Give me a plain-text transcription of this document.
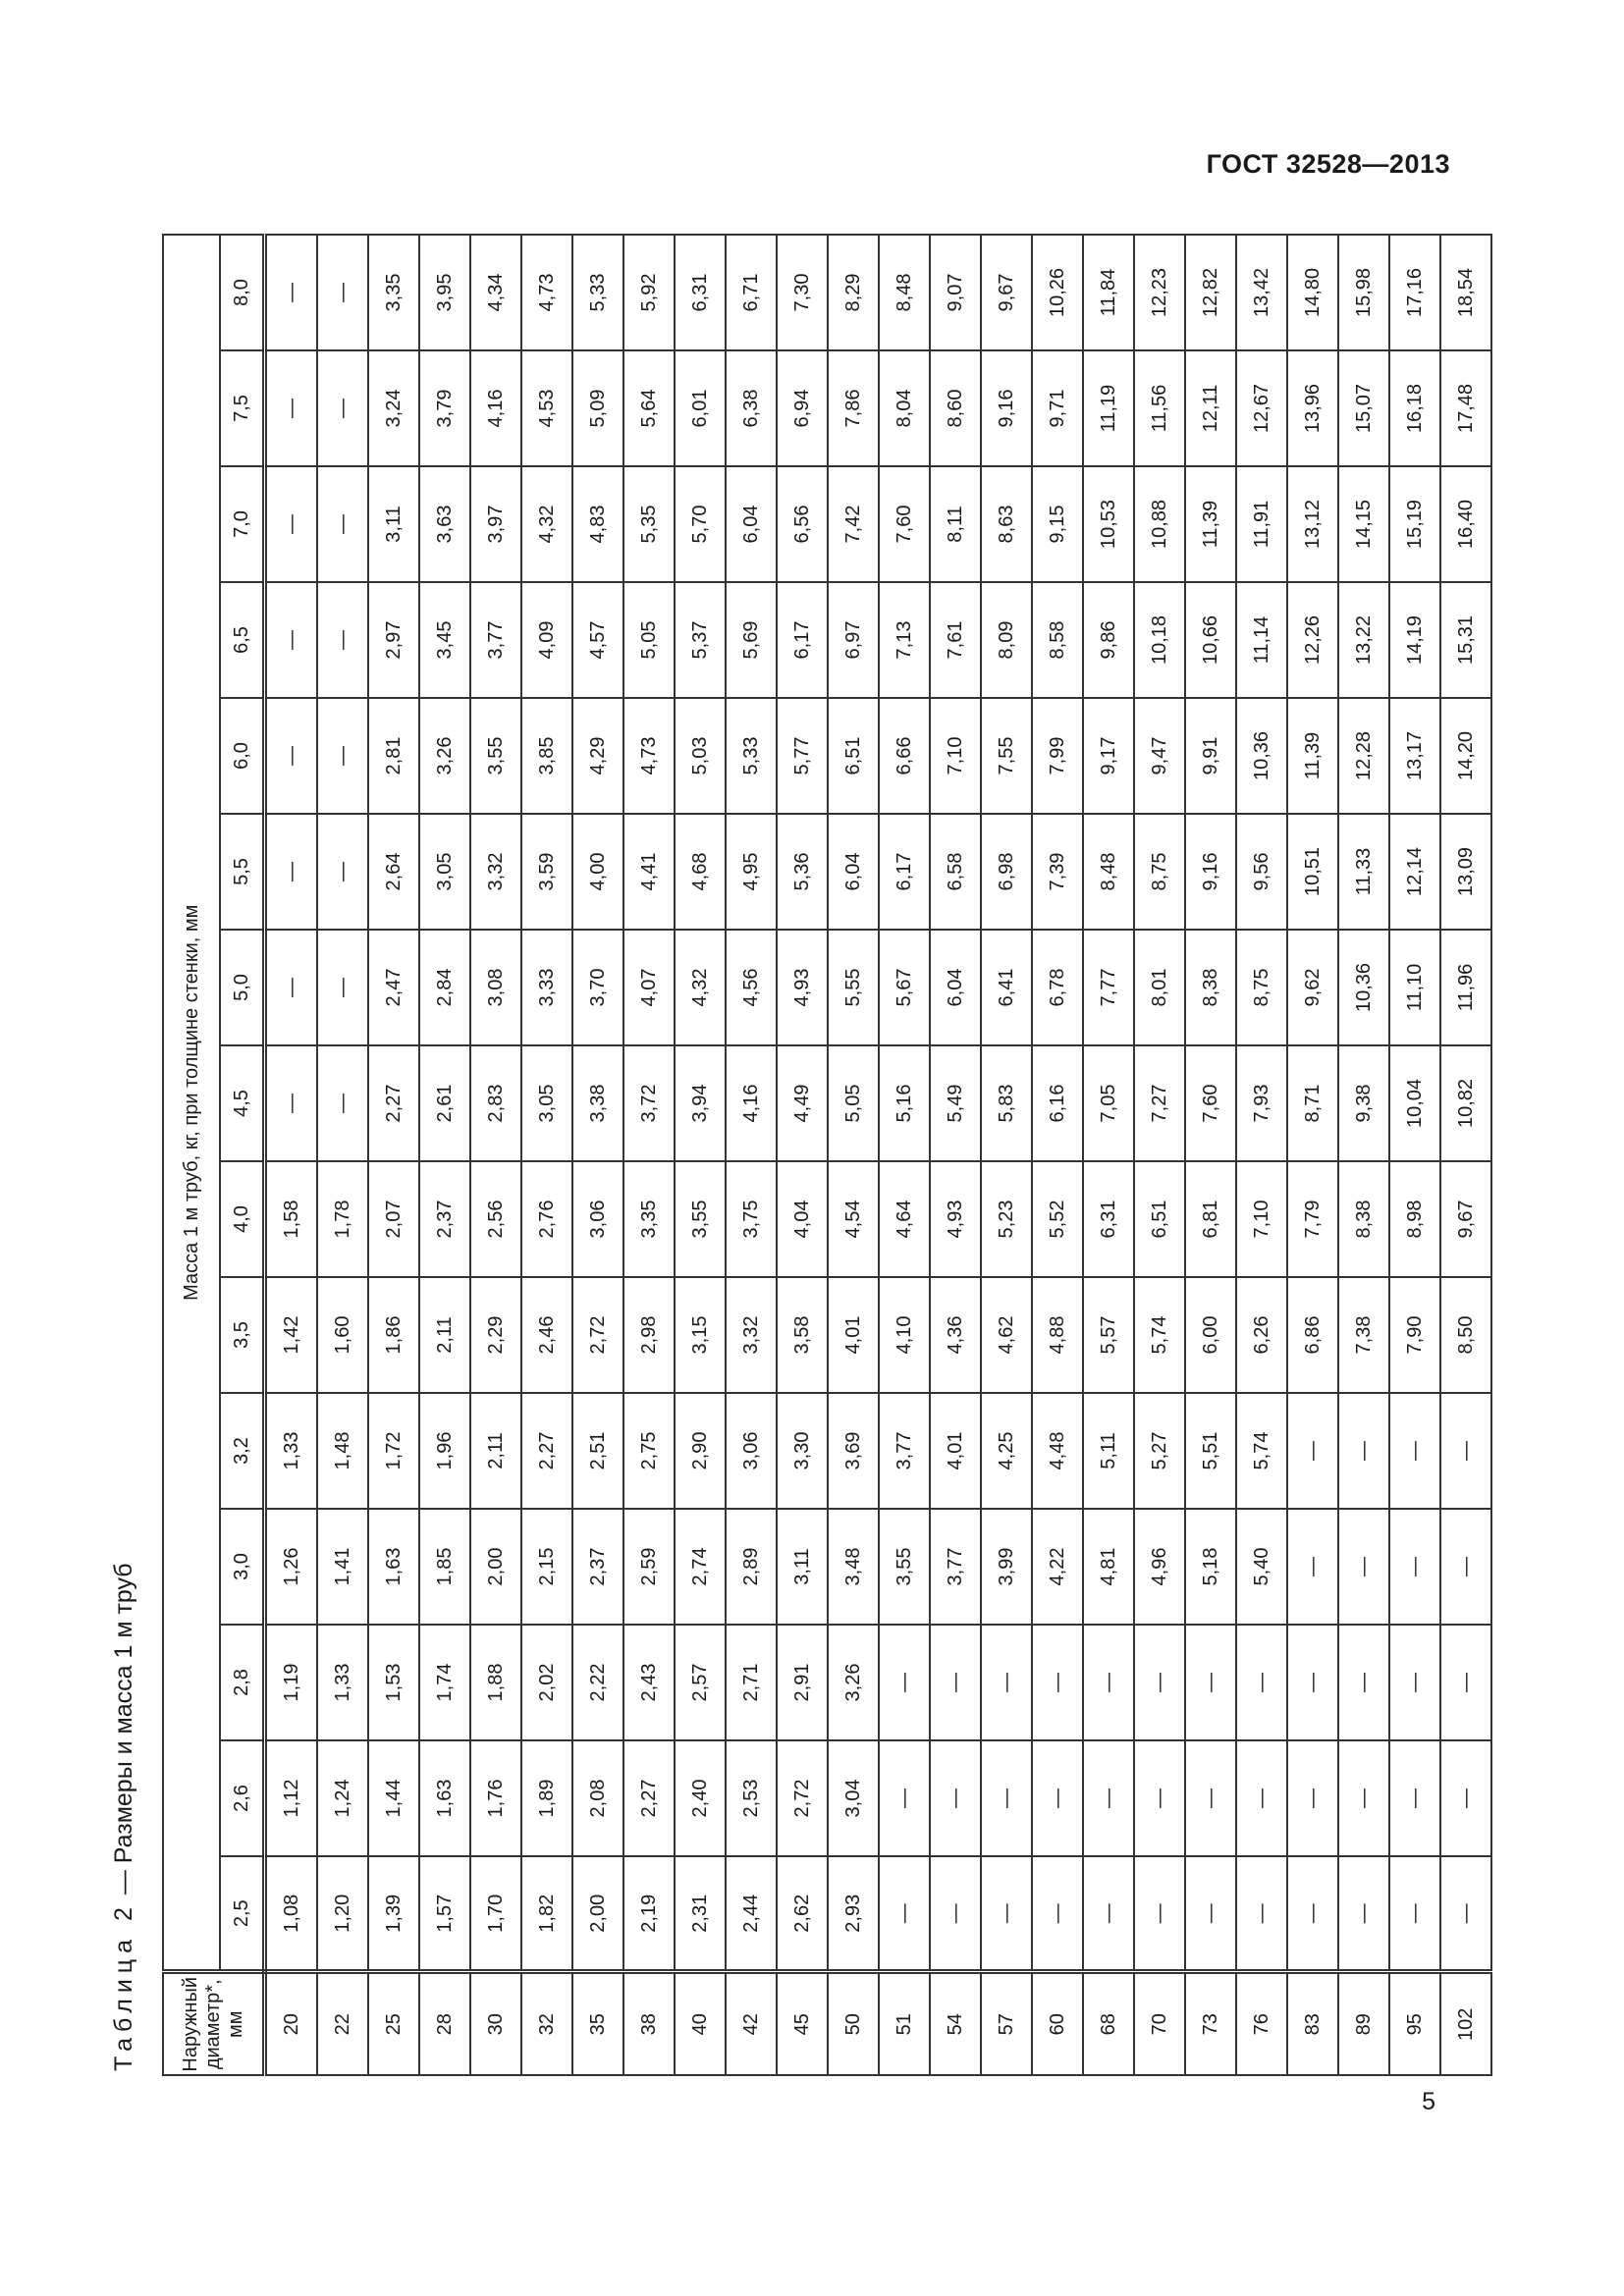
ГОСТ 32528—2013
Таблица 2 — Размеры и масса 1 м труб
Наружный диаметр*, мм	Масса 1 м труб, кг, при толщине стенки, мм														
	2,5	2,6	2,8	3,0	3,2	3,5	4,0	4,5	5,0	5,5	6,0	6,5	7,0	7,5	8,0
20	1,08	1,12	1,19	1,26	1,33	1,42	1,58	—	—	—	—	—	—	—	—
22	1,20	1,24	1,33	1,41	1,48	1,60	1,78	—	—	—	—	—	—	—	—
25	1,39	1,44	1,53	1,63	1,72	1,86	2,07	2,27	2,47	2,64	2,81	2,97	3,11	3,24	3,35
28	1,57	1,63	1,74	1,85	1,96	2,11	2,37	2,61	2,84	3,05	3,26	3,45	3,63	3,79	3,95
30	1,70	1,76	1,88	2,00	2,11	2,29	2,56	2,83	3,08	3,32	3,55	3,77	3,97	4,16	4,34
32	1,82	1,89	2,02	2,15	2,27	2,46	2,76	3,05	3,33	3,59	3,85	4,09	4,32	4,53	4,73
35	2,00	2,08	2,22	2,37	2,51	2,72	3,06	3,38	3,70	4,00	4,29	4,57	4,83	5,09	5,33
38	2,19	2,27	2,43	2,59	2,75	2,98	3,35	3,72	4,07	4,41	4,73	5,05	5,35	5,64	5,92
40	2,31	2,40	2,57	2,74	2,90	3,15	3,55	3,94	4,32	4,68	5,03	5,37	5,70	6,01	6,31
42	2,44	2,53	2,71	2,89	3,06	3,32	3,75	4,16	4,56	4,95	5,33	5,69	6,04	6,38	6,71
45	2,62	2,72	2,91	3,11	3,30	3,58	4,04	4,49	4,93	5,36	5,77	6,17	6,56	6,94	7,30
50	2,93	3,04	3,26	3,48	3,69	4,01	4,54	5,05	5,55	6,04	6,51	6,97	7,42	7,86	8,29
51	—	—	—	3,55	3,77	4,10	4,64	5,16	5,67	6,17	6,66	7,13	7,60	8,04	8,48
54	—	—	—	3,77	4,01	4,36	4,93	5,49	6,04	6,58	7,10	7,61	8,11	8,60	9,07
57	—	—	—	3,99	4,25	4,62	5,23	5,83	6,41	6,98	7,55	8,09	8,63	9,16	9,67
60	—	—	—	4,22	4,48	4,88	5,52	6,16	6,78	7,39	7,99	8,58	9,15	9,71	10,26
68	—	—	—	4,81	5,11	5,57	6,31	7,05	7,77	8,48	9,17	9,86	10,53	11,19	11,84
70	—	—	—	4,96	5,27	5,74	6,51	7,27	8,01	8,75	9,47	10,18	10,88	11,56	12,23
73	—	—	—	5,18	5,51	6,00	6,81	7,60	8,38	9,16	9,91	10,66	11,39	12,11	12,82
76	—	—	—	5,40	5,74	6,26	7,10	7,93	8,75	9,56	10,36	11,14	11,91	12,67	13,42
83	—	—	—	—	—	6,86	7,79	8,71	9,62	10,51	11,39	12,26	13,12	13,96	14,80
89	—	—	—	—	—	7,38	8,38	9,38	10,36	11,33	12,28	13,22	14,15	15,07	15,98
95	—	—	—	—	—	7,90	8,98	10,04	11,10	12,14	13,17	14,19	15,19	16,18	17,16
102	—	—	—	—	—	8,50	9,67	10,82	11,96	13,09	14,20	15,31	16,40	17,48	18,54
5
